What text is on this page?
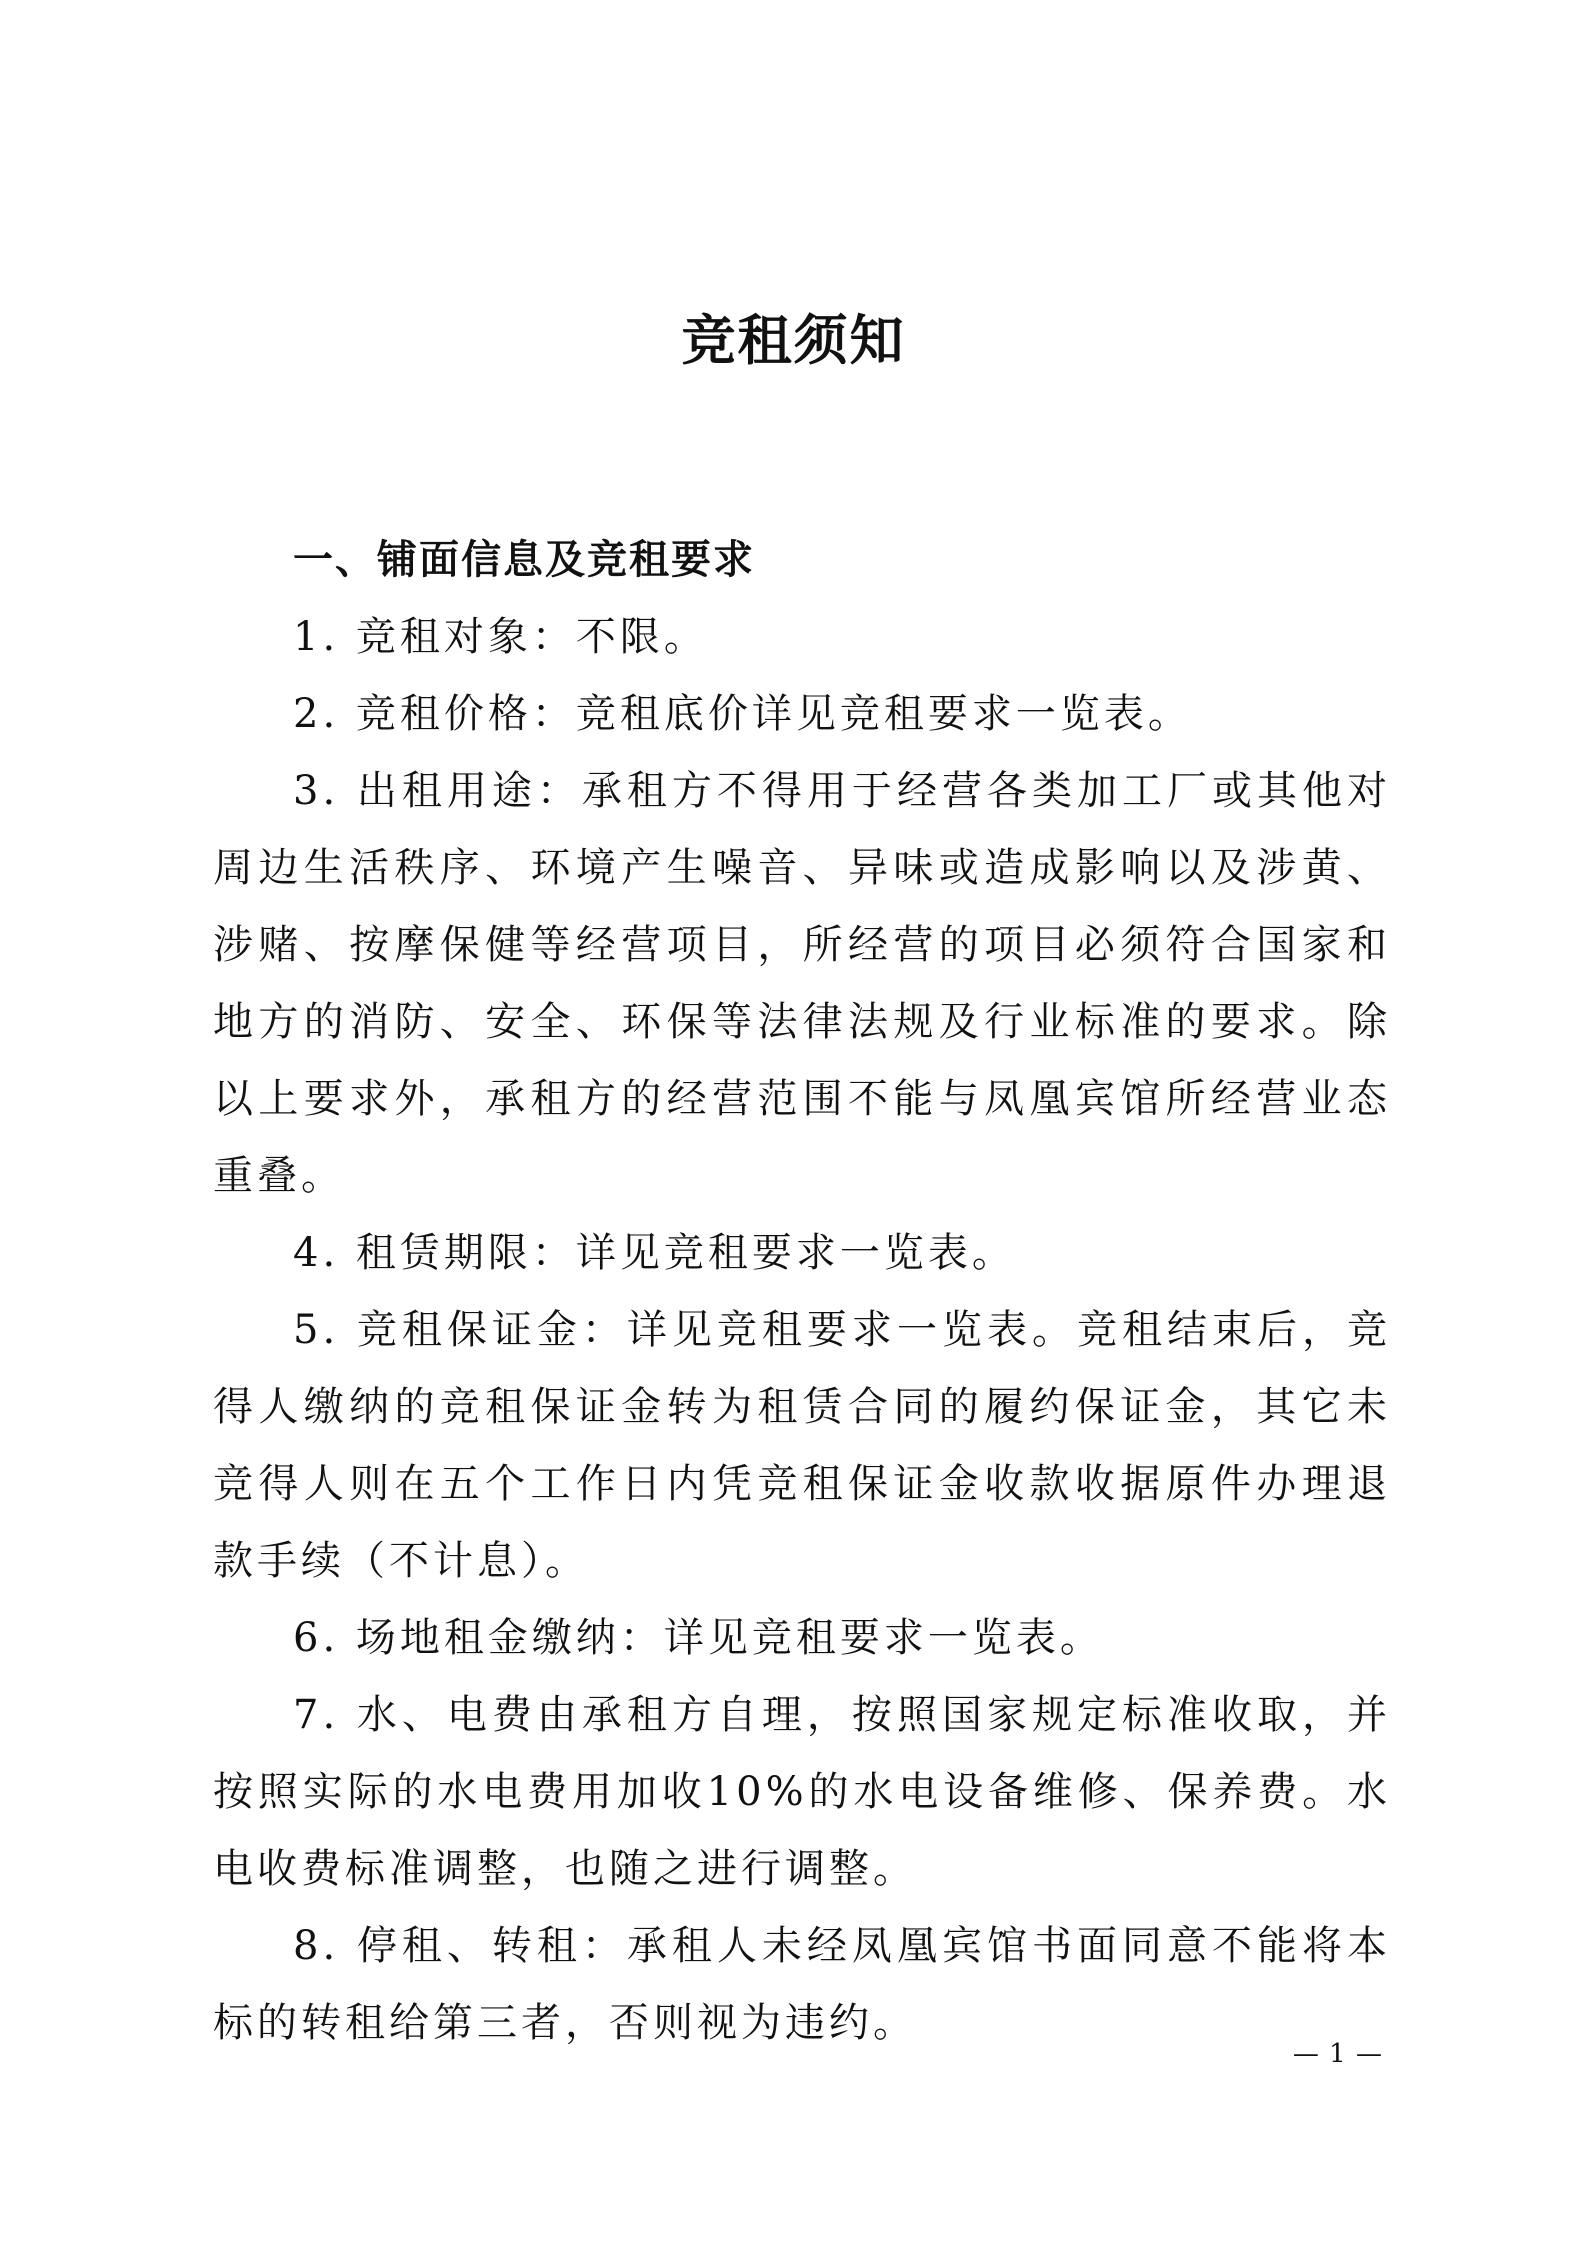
竞租须知

一、铺面信息及竞租要求

1. 竞租对象：不限。

2. 竞租价格：竞租底价详见竞租要求一览表。

3. 出租用途：承租方不得用于经营各类加工厂或其他对周边生活秩序、环境产生噪音、异味或造成影响以及涉黄、涉赌、按摩保健等经营项目，所经营的项目必须符合国家和地方的消防、安全、环保等法律法规及行业标准的要求。除以上要求外，承租方的经营范围不能与凤凰宾馆所经营业态重叠。

4. 租赁期限：详见竞租要求一览表。

5. 竞租保证金：详见竞租要求一览表。竞租结束后，竞得人缴纳的竞租保证金转为租赁合同的履约保证金，其它未竞得人则在五个工作日内凭竞租保证金收款收据原件办理退款手续（不计息）。

6. 场地租金缴纳：详见竞租要求一览表。

7. 水、电费由承租方自理，按照国家规定标准收取，并按照实际的水电费用加收10%的水电设备维修、保养费。水电收费标准调整，也随之进行调整。

8. 停租、转租：承租人未经凤凰宾馆书面同意不能将本标的转租给第三者，否则视为违约。

— 1 —
